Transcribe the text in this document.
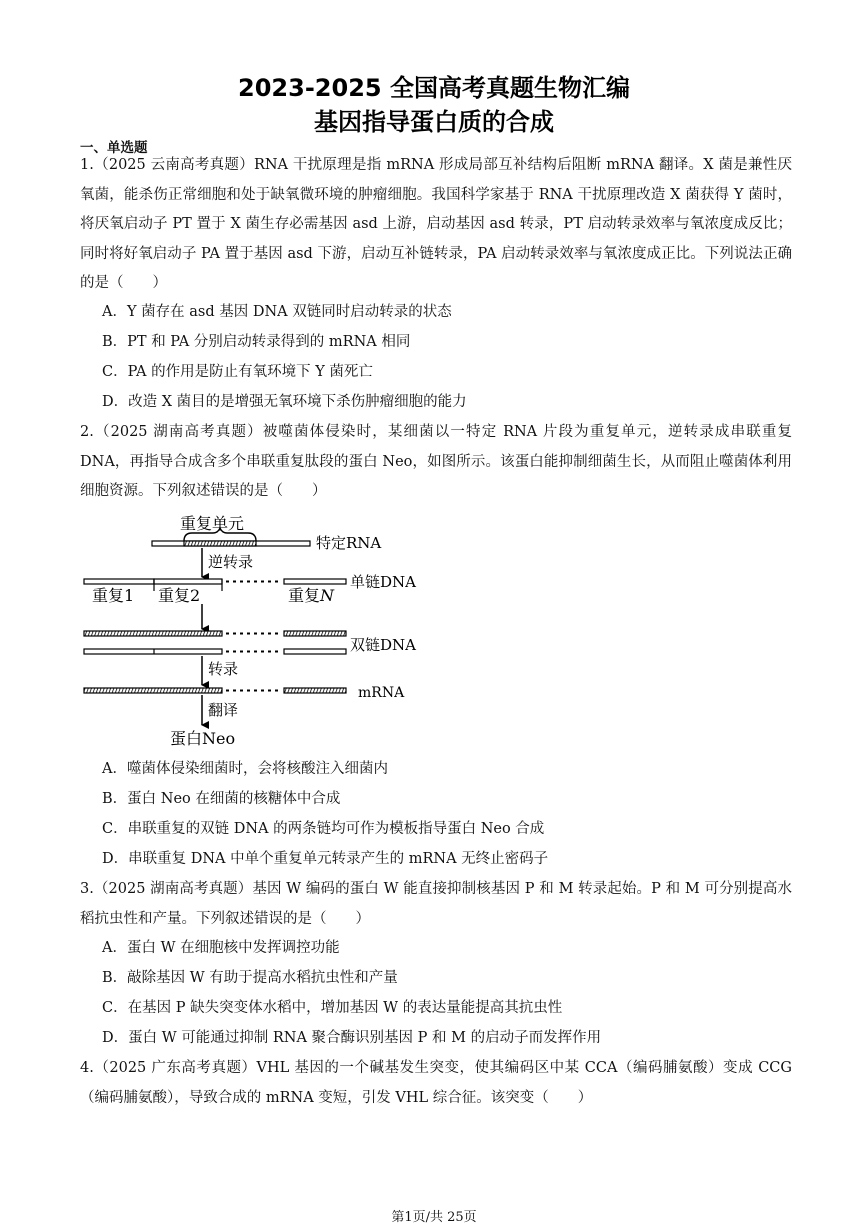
2023-2025 全国高考真题生物汇编
基因指导蛋白质的合成
一、单选题
1.（2025 云南高考真题）RNA 干扰原理是指 mRNA 形成局部互补结构后阻断 mRNA 翻译。X 菌是兼性厌氧菌，能杀伤正常细胞和处于缺氧微环境的肿瘤细胞。我国科学家基于 RNA 干扰原理改造 X 菌获得 Y 菌时，将厌氧启动子 PT 置于 X 菌生存必需基因 asd 上游，启动基因 asd 转录，PT 启动转录效率与氧浓度成反比；同时将好氧启动子 PA 置于基因 asd 下游，启动互补链转录，PA 启动转录效率与氧浓度成正比。下列说法正确的是（　　）
A．Y 菌存在 asd 基因 DNA 双链同时启动转录的状态
B．PT 和 PA 分别启动转录得到的 mRNA 相同
C．PA 的作用是防止有氧环境下 Y 菌死亡
D．改造 X 菌目的是增强无氧环境下杀伤肿瘤细胞的能力
2.（2025 湖南高考真题）被噬菌体侵染时，某细菌以一特定 RNA 片段为重复单元，逆转录成串联重复 DNA，再指导合成含多个串联重复肽段的蛋白 Neo，如图所示。该蛋白能抑制细菌生长，从而阻止噬菌体利用细胞资源。下列叙述错误的是（　　）
重复单元
特定RNA
逆转录
单链DNA
重复1 重复2	重复N
双链DNA
转录
mRNA
翻译
蛋白Neo
A．噬菌体侵染细菌时，会将核酸注入细菌内
B．蛋白 Neo 在细菌的核糖体中合成
C．串联重复的双链 DNA 的两条链均可作为模板指导蛋白 Neo 合成
D．串联重复 DNA 中单个重复单元转录产生的 mRNA 无终止密码子
3.（2025 湖南高考真题）基因 W 编码的蛋白 W 能直接抑制核基因 P 和 M 转录起始。P 和 M 可分别提高水稻抗虫性和产量。下列叙述错误的是（　　）
A．蛋白 W 在细胞核中发挥调控功能
B．敲除基因 W 有助于提高水稻抗虫性和产量
C．在基因 P 缺失突变体水稻中，增加基因 W 的表达量能提高其抗虫性
D．蛋白 W 可能通过抑制 RNA 聚合酶识别基因 P 和 M 的启动子而发挥作用
4.（2025 广东高考真题）VHL 基因的一个碱基发生突变，使其编码区中某 CCA（编码脯氨酸）变成 CCG（编码脯氨酸），导致合成的 mRNA 变短，引发 VHL 综合征。该突变（　　）
第1页/共 25页
